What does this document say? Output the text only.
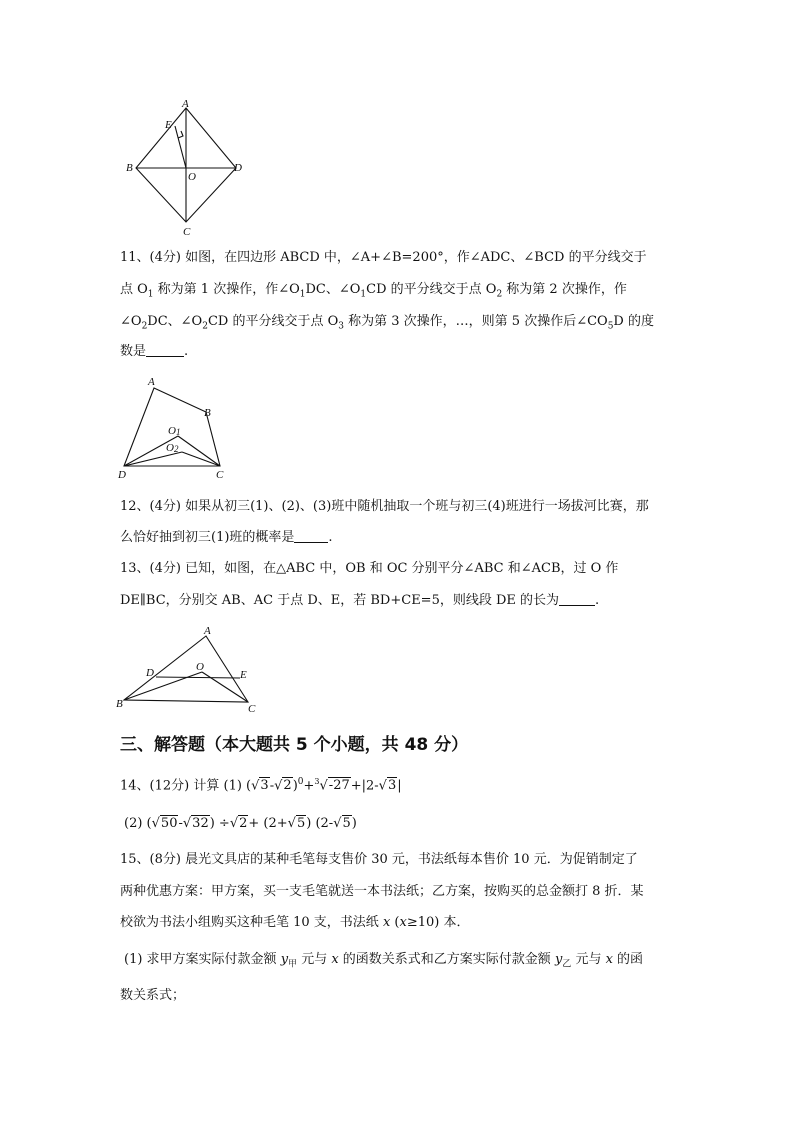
A
E
B
O
D
C
11、(4分) 如图，在四边形 ABCD 中，∠A+∠B=200°，作∠ADC、∠BCD 的平分线交于
点 $O_1$ 称为第 1 次操作，作$\angle O_1DC$、$\angle O_1CD$ 的平分线交于点 $O_2$ 称为第 2 次操作，作
$\angle O_2DC$、$\angle O_2CD$ 的平分线交于点 $O_3$ 称为第 3 次操作，…，则第 5 次操作后$\angle CO_5D$ 的度
数是	.
A
B
O1
O2
D	C
12、(4分) 如果从初三(1)、(2)、(3)班中随机抽取一个班与初三(4)班进行一场拔河比赛，那
么恰好抽到初三(1)班的概率是	.
13、(4分) 已知，如图，在△ABC 中，OB 和 OC 分别平分∠ABC 和∠ACB，过 O 作
DE∥BC，分别交 AB、AC 于点 D、E，若 BD+CE=5，则线段 DE 的长为	.
A
O
D	E
B	C
三、解答题（本大题共 5 个小题，共 48 分）
14、(12分) 计算 (1) $(√3-√2)^0+^3√-27+|2-√3|$
(2) (√50-√32) ÷√2+ (2+√5) (2-√5)
15、(8分) 晨光文具店的某种毛笔每支售价 30 元，书法纸每本售价 10 元．为促销制定了
两种优惠方案：甲方案，买一支毛笔就送一本书法纸；乙方案，按购买的总金额打 8 折．某
校欲为书法小组购买这种毛笔 10 支，书法纸 x (x≥10) 本．
(1) 求甲方案实际付款金额 $y_甲$ 元与 x 的函数关系式和乙方案实际付款金额 $y_乙$ 元与 x 的函
数关系式；
